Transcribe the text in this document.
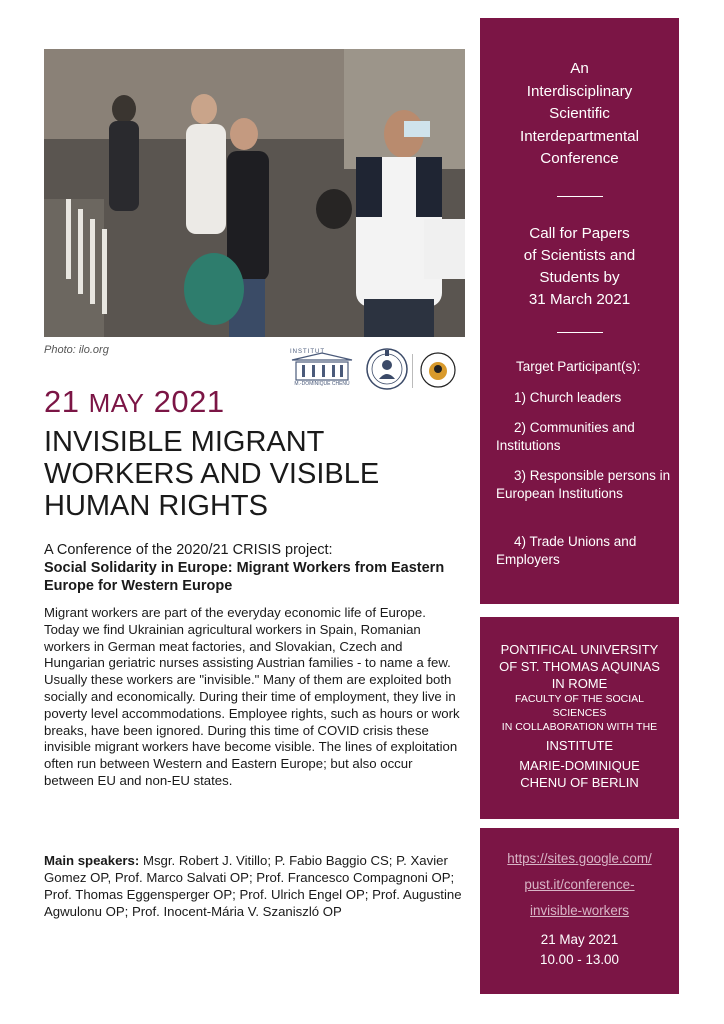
Photo: ilo.org	INSTITUT
M.-DOMINIQUE CHENU
21 MAY 2021
INVISIBLE MIGRANT WORKERS AND VISIBLE HUMAN RIGHTS
A Conference of the 2020/21 CRISIS project:
Social Solidarity in Europe: Migrant Workers from Eastern Europe for Western Europe
Migrant workers are part of the everyday economic life of Europe. Today we find Ukrainian agricultural workers in Spain, Romanian workers in German meat factories, and Slovakian, Czech and Hungarian geriatric nurses assisting Austrian families - to name a few. Usually these workers are "invisible." Many of them are exploited both socially and economically. During their time of employment, they live in poverty level accommodations. Employee rights, such as hours or work breaks, have been ignored. During this time of COVID crisis these invisible migrant workers have become visible. The lines of exploitation often run between Western and Eastern Europe; but also occur between EU and non-EU states.
Main speakers: Msgr. Robert J. Vitillo; P. Fabio Baggio CS; P. Xavier Gomez OP, Prof. Marco Salvati OP; Prof. Francesco Compagnoni OP; Prof. Thomas Eggensperger OP; Prof. Ulrich Engel OP; Prof. Augustine Agwulonu OP; Prof. Inocent-Mária V. Szaniszló OP
An
Interdisciplinary
Scientific
Interdepartmental
Conference
Call for Papers
of Scientists and
Students by
31 March 2021
Target Participant(s):
1) Church leaders
2) Communities and Institutions
3) Responsible persons in European Institutions
4) Trade Unions and Employers
PONTIFICAL UNIVERSITY
OF ST. THOMAS AQUINAS
IN ROME
FACULTY OF THE SOCIAL
SCIENCES
IN COLLABORATION WITH THE
INSTITUTE
MARIE-DOMINIQUE
CHENU OF BERLIN
https://sites.google.com/
pust.it/conference-
invisible-workers
21 May 2021
10.00 - 13.00
